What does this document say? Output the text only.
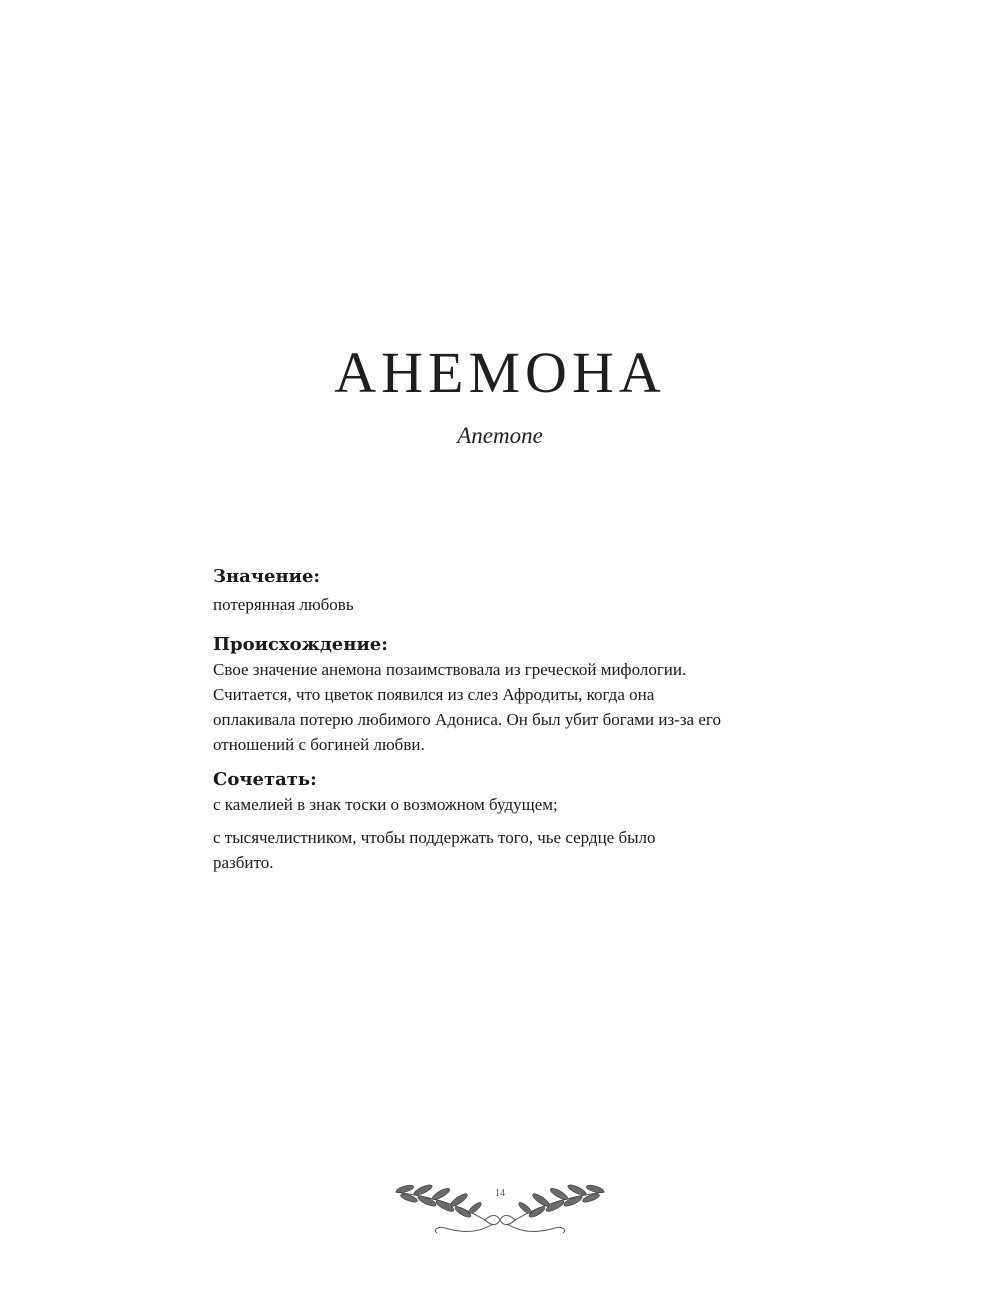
АНЕМОНА

Anemone

Значение:

потерянная любовь

Происхождение:

Свое значение анемона позаимствовала из греческой мифологии.
Считается, что цветок появился из слез Афродиты, когда она
оплакивала потерю любимого Адониса. Он был убит богами из-за его
отношений с богиней любви.

Сочетать:

с камелией в знак тоски о возможном будущем;

с тысячелистником, чтобы поддержать того, чье сердце было
разбито.

14
